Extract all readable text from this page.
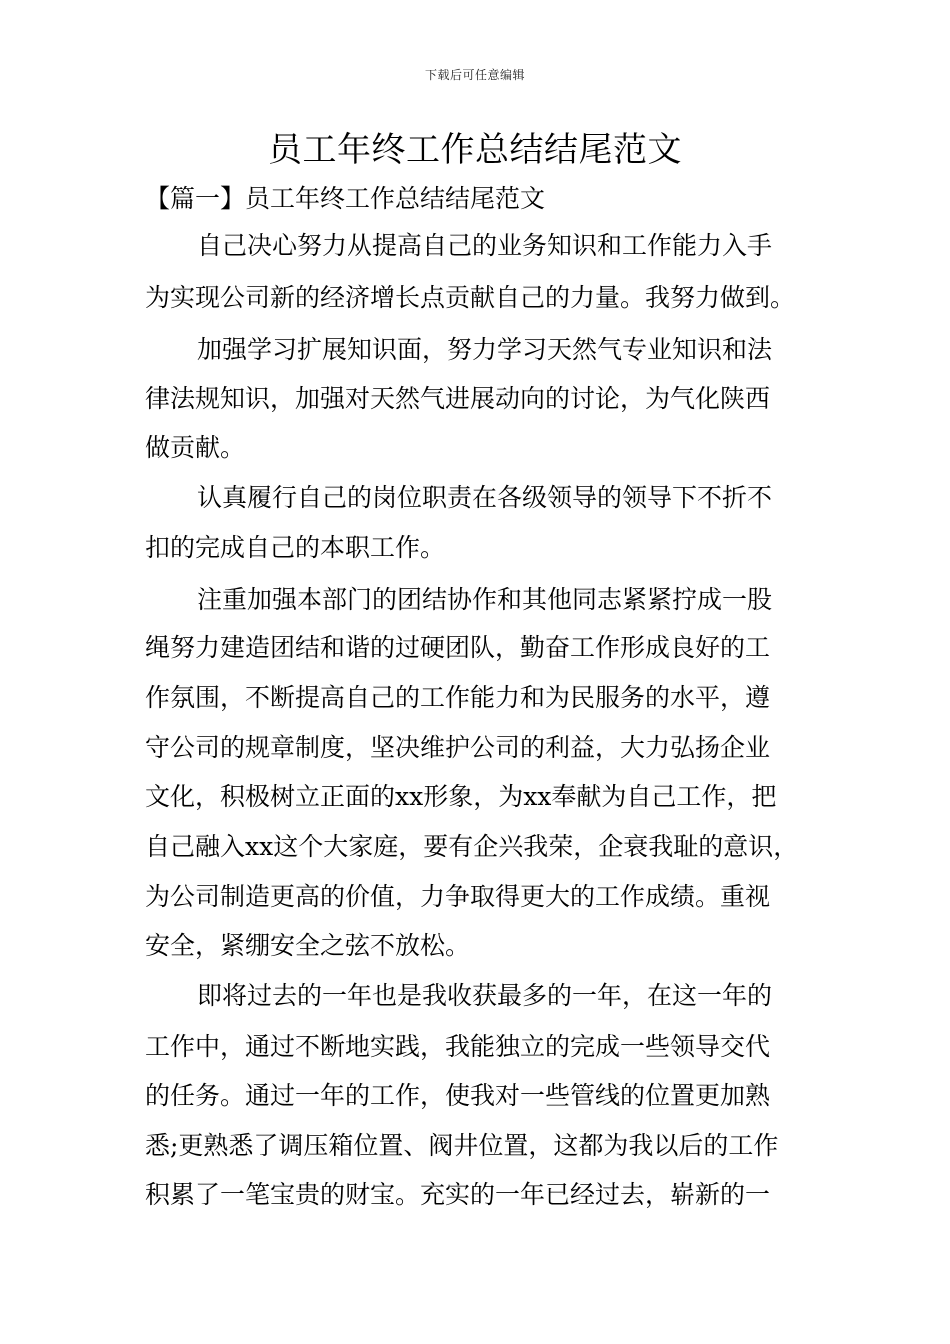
下载后可任意编辑
员工年终工作总结结尾范文
【篇一】员工年终工作总结结尾范文
自己决心努力从提高自己的业务知识和工作能力入手
为实现公司新的经济增长点贡献自己的力量。我努力做到。
加强学习扩展知识面，努力学习天然气专业知识和法
律法规知识，加强对天然气进展动向的讨论，为气化陕西
做贡献。
认真履行自己的岗位职责在各级领导的领导下不折不
扣的完成自己的本职工作。
注重加强本部门的团结协作和其他同志紧紧拧成一股
绳努力建造团结和谐的过硬团队，勤奋工作形成良好的工
作氛围，不断提高自己的工作能力和为民服务的水平，遵
守公司的规章制度，坚决维护公司的利益，大力弘扬企业
文化，积极树立正面的xx形象，为xx奉献为自己工作，把
自己融入xx这个大家庭，要有企兴我荣，企衰我耻的意识，
为公司制造更高的价值，力争取得更大的工作成绩。重视
安全，紧绷安全之弦不放松。
即将过去的一年也是我收获最多的一年，在这一年的
工作中，通过不断地实践，我能独立的完成一些领导交代
的任务。通过一年的工作，使我对一些管线的位置更加熟
悉;更熟悉了调压箱位置、阀井位置，这都为我以后的工作
积累了一笔宝贵的财宝。充实的一年已经过去，崭新的一
